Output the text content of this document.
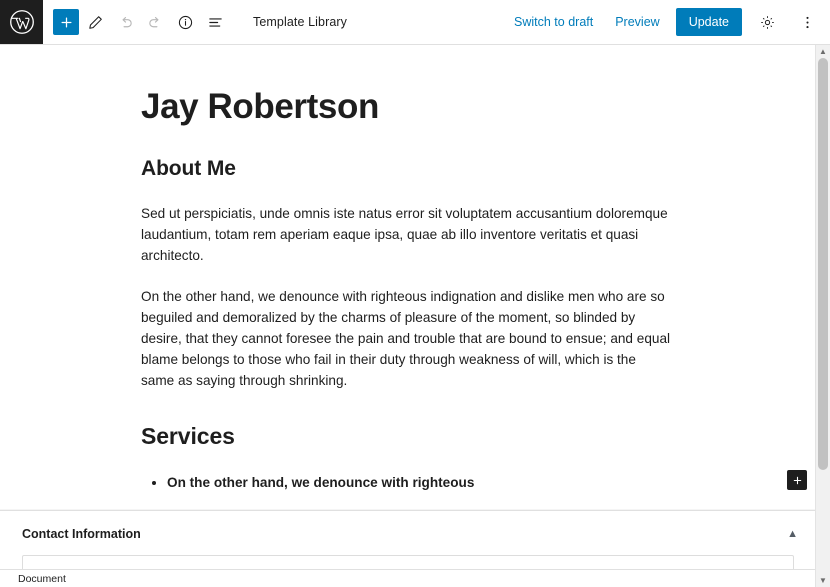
Template Library	Switch to draft	Preview	Update
Jay Robertson
About Me

Sed ut perspiciatis, unde omnis iste natus error sit voluptatem accusantium doloremque laudantium, totam rem aperiam eaque ipsa, quae ab illo inventore veritatis et quasi architecto.

On the other hand, we denounce with righteous indignation and dislike men who are so beguiled and demoralized by the charms of pleasure of the moment, so blinded by desire, that they cannot foresee the pain and trouble that are bound to ensue; and equal blame belongs to those who fail in their duty through weakness of will, which is the same as saying through shrinking.

Services
• On the other hand, we denounce with righteous
•
•
Contact Information	▲
Document
▲
▼
